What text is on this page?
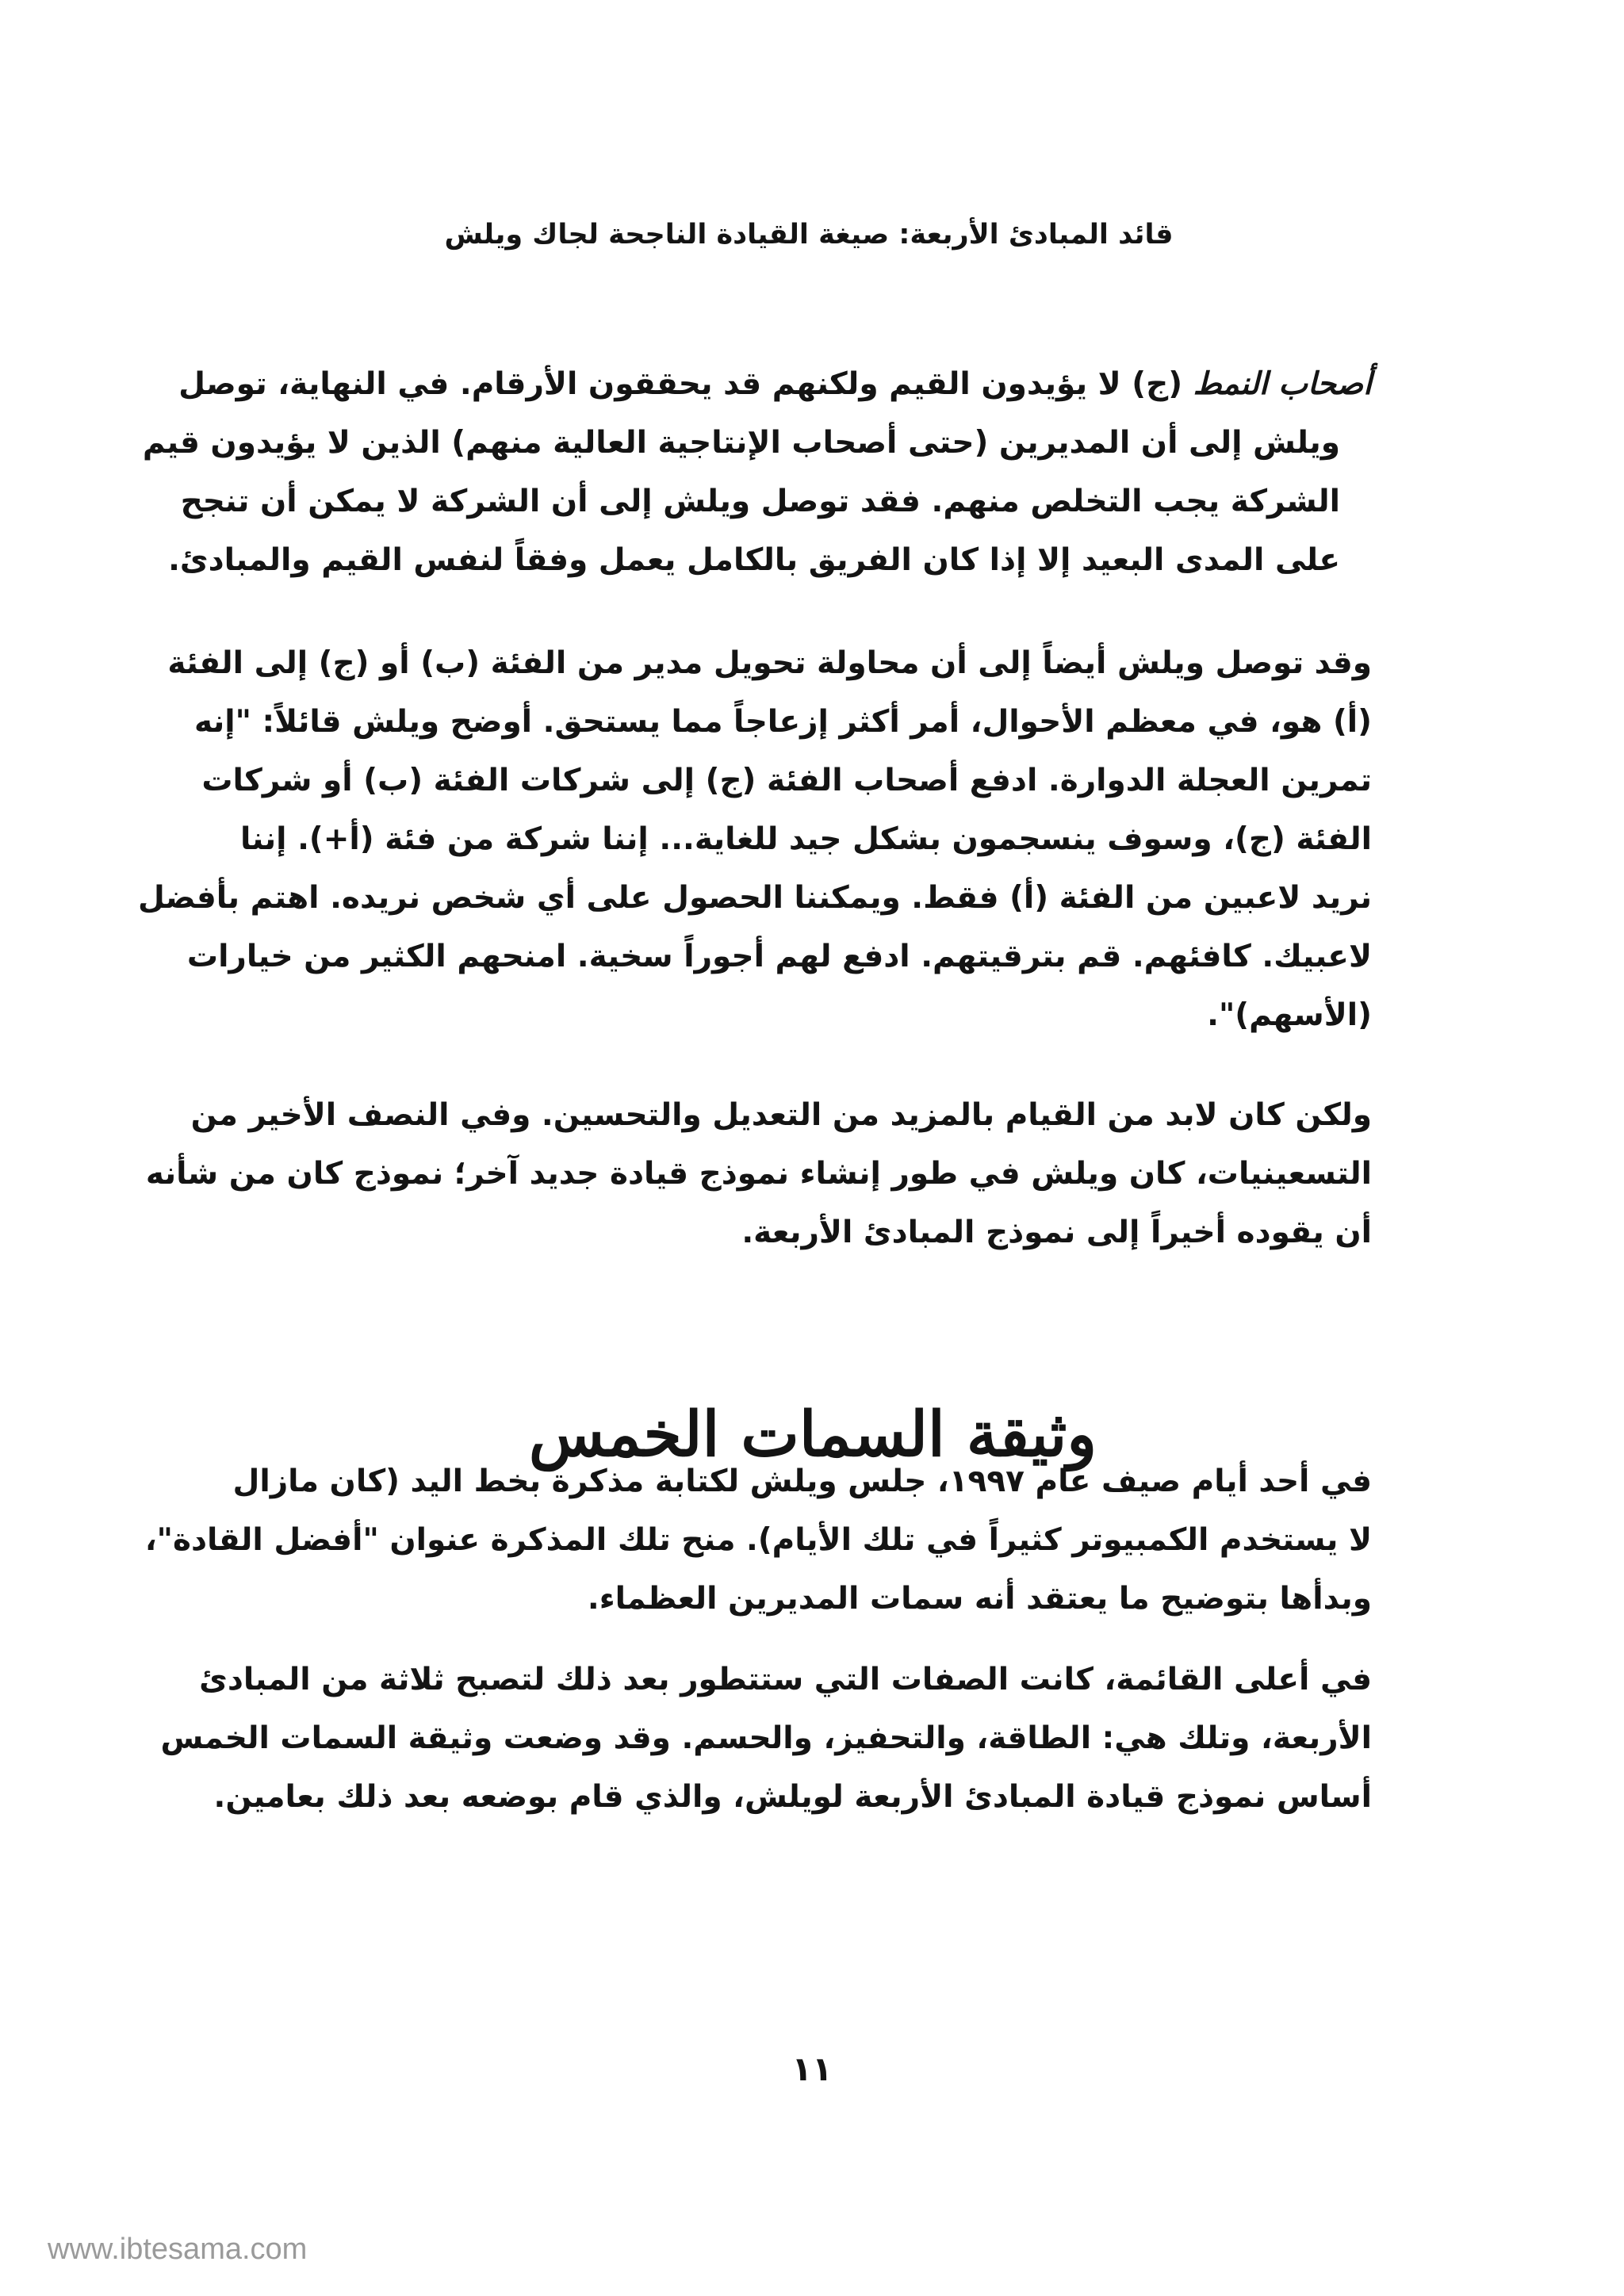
قائد المبادئ الأربعة: صيغة القيادة الناجحة لجاك ويلش

أصحاب النمط (ج) لا يؤيدون القيم ولكنهم قد يحققون الأرقام. في النهاية، توصل
ويلش إلى أن المديرين (حتى أصحاب الإنتاجية العالية منهم) الذين لا يؤيدون قيم
الشركة يجب التخلص منهم. فقد توصل ويلش إلى أن الشركة لا يمكن أن تنجح
على المدى البعيد إلا إذا كان الفريق بالكامل يعمل وفقاً لنفس القيم والمبادئ.

وقد توصل ويلش أيضاً إلى أن محاولة تحويل مدير من الفئة (ب) أو (ج) إلى الفئة
(أ) هو، في معظم الأحوال، أمر أكثر إزعاجاً مما يستحق. أوضح ويلش قائلاً: "إنه
تمرين العجلة الدوارة. ادفع أصحاب الفئة (ج) إلى شركات الفئة (ب) أو شركات
الفئة (ج)، وسوف ينسجمون بشكل جيد للغاية... إننا شركة من فئة (أ+). إننا
نريد لاعبين من الفئة (أ) فقط. ويمكننا الحصول على أي شخص نريده. اهتم بأفضل
لاعبيك. كافئهم. قم بترقيتهم. ادفع لهم أجوراً سخية. امنحهم الكثير من خيارات
(الأسهم)".

ولكن كان لابد من القيام بالمزيد من التعديل والتحسين. وفي النصف الأخير من
التسعينيات، كان ويلش في طور إنشاء نموذج قيادة جديد آخر؛ نموذج كان من شأنه
أن يقوده أخيراً إلى نموذج المبادئ الأربعة.

وثيقة السمات الخمس

في أحد أيام صيف عام ١٩٩٧، جلس ويلش لكتابة مذكرة بخط اليد (كان مازال
لا يستخدم الكمبيوتر كثيراً في تلك الأيام). منح تلك المذكرة عنوان "أفضل القادة"،
وبدأها بتوضيح ما يعتقد أنه سمات المديرين العظماء.

في أعلى القائمة، كانت الصفات التي ستتطور بعد ذلك لتصبح ثلاثة من المبادئ
الأربعة، وتلك هي: الطاقة، والتحفيز، والحسم. وقد وضعت وثيقة السمات الخمس
أساس نموذج قيادة المبادئ الأربعة لويلش، والذي قام بوضعه بعد ذلك بعامين.

١١
www.ibtesama.com
